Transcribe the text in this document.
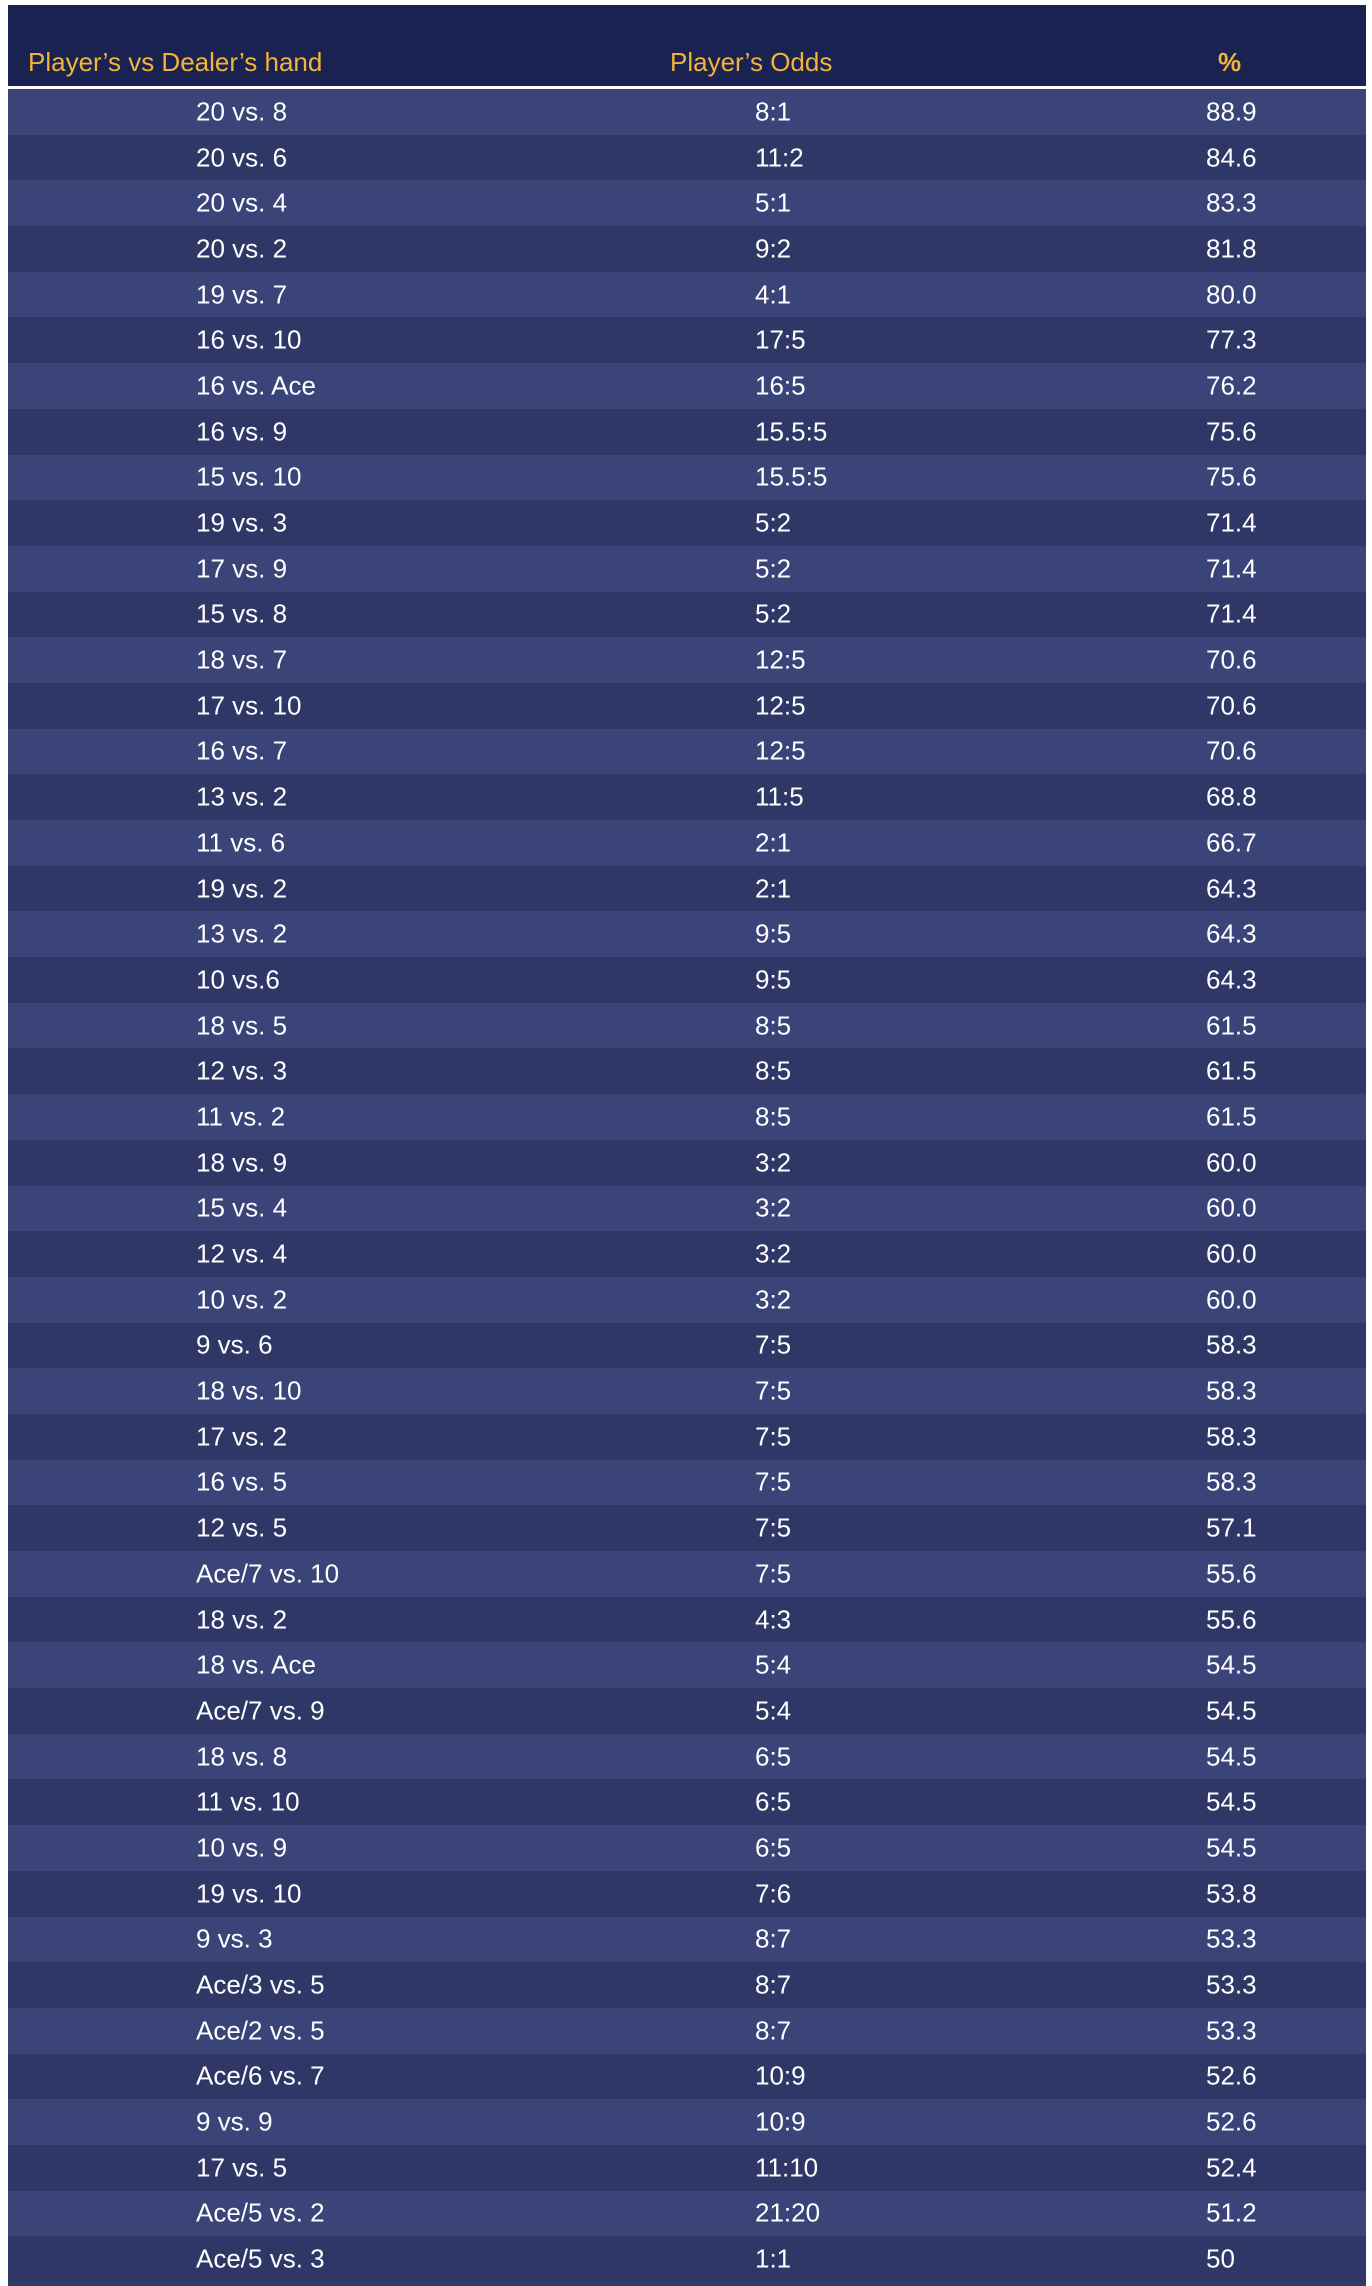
Player’s vs Dealer’s hand	Player’s Odds	%
20 vs. 8	8:1	88.9
20 vs. 6	11:2	84.6
20 vs. 4	5:1	83.3
20 vs. 2	9:2	81.8
19 vs. 7	4:1	80.0
16 vs. 10	17:5	77.3
16 vs. Ace	16:5	76.2
16 vs. 9	15.5:5	75.6
15 vs. 10	15.5:5	75.6
19 vs. 3	5:2	71.4
17 vs. 9	5:2	71.4
15 vs. 8	5:2	71.4
18 vs. 7	12:5	70.6
17 vs. 10	12:5	70.6
16 vs. 7	12:5	70.6
13 vs. 2	11:5	68.8
11 vs. 6	2:1	66.7
19 vs. 2	2:1	64.3
13 vs. 2	9:5	64.3
10 vs.6	9:5	64.3
18 vs. 5	8:5	61.5
12 vs. 3	8:5	61.5
11 vs. 2	8:5	61.5
18 vs. 9	3:2	60.0
15 vs. 4	3:2	60.0
12 vs. 4	3:2	60.0
10 vs. 2	3:2	60.0
9 vs. 6	7:5	58.3
18 vs. 10	7:5	58.3
17 vs. 2	7:5	58.3
16 vs. 5	7:5	58.3
12 vs. 5	7:5	57.1
Ace/7 vs. 10	7:5	55.6
18 vs. 2	4:3	55.6
18 vs. Ace	5:4	54.5
Ace/7 vs. 9	5:4	54.5
18 vs. 8	6:5	54.5
11 vs. 10	6:5	54.5
10 vs. 9	6:5	54.5
19 vs. 10	7:6	53.8
9 vs. 3	8:7	53.3
Ace/3 vs. 5	8:7	53.3
Ace/2 vs. 5	8:7	53.3
Ace/6 vs. 7	10:9	52.6
9 vs. 9	10:9	52.6
17 vs. 5	11:10	52.4
Ace/5 vs. 2	21:20	51.2
Ace/5 vs. 3	1:1	50
